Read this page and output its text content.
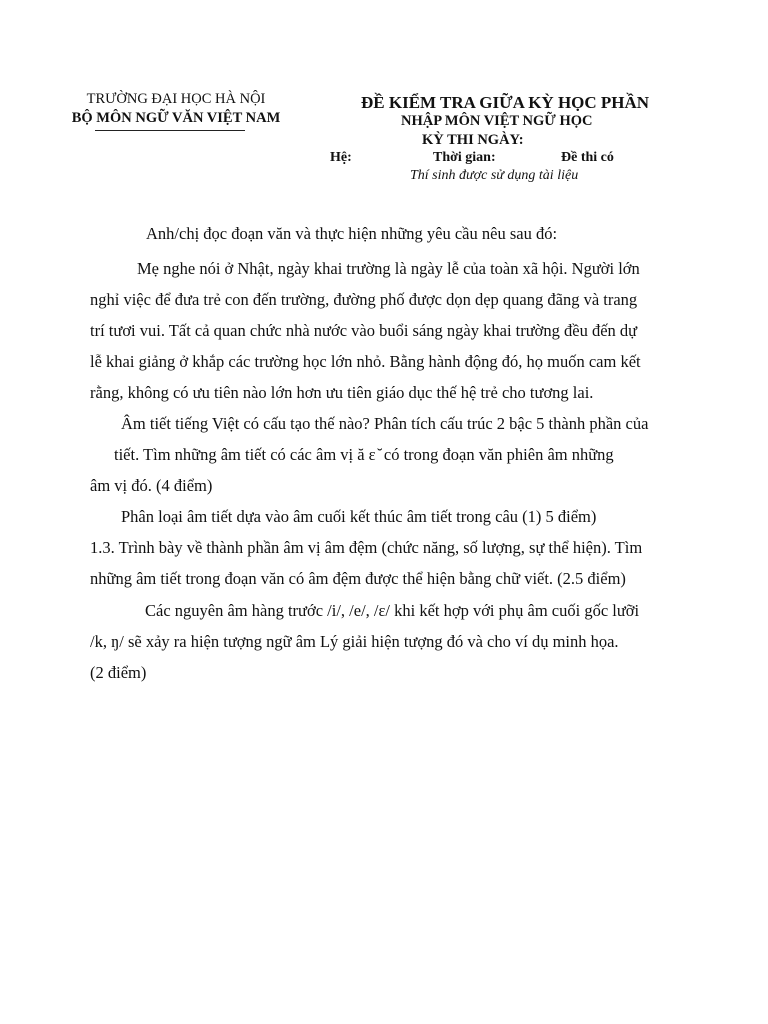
TRƯỜNG ĐẠI HỌC HÀ NỘI
BỘ MÔN NGỮ VĂN VIỆT NAM
ĐỀ KIỂM TRA GIỮA KỲ HỌC PHẦN
NHẬP MÔN VIỆT NGỮ HỌC
KỲ THI NGÀY:
Hệ:	Thời gian:	Đề thi có
Thí sinh được sử dụng tài liệu
Anh/chị đọc đoạn văn và thực hiện những yêu cầu nêu sau đó:
Mẹ nghe nói ở Nhật, ngày khai trường là ngày lễ của toàn xã hội. Người lớn
nghỉ việc để đưa trẻ con đến trường, đường phố được dọn dẹp quang đãng và trang
trí tươi vui. Tất cả quan chức nhà nước vào buổi sáng ngày khai trường đều đến dự
lễ khai giảng ở khắp các trường học lớn nhỏ. Bằng hành động đó, họ muốn cam kết
rằng, không có ưu tiên nào lớn hơn ưu tiên giáo dục thế hệ trẻ cho tương lai.
Âm tiết tiếng Việt có cấu tạo thế nào? Phân tích cấu trúc 2 bậc 5 thành phần của
tiết. Tìm những âm tiết có các âm vị ă ɛ ̆ có trong đoạn văn phiên âm những
âm vị đó. (4 điểm)
Phân loại âm tiết dựa vào âm cuối kết thúc âm tiết trong câu (1) 5 điểm)
1.3. Trình bày về thành phần âm vị âm đệm (chức năng, số lượng, sự thể hiện). Tìm
những âm tiết trong đoạn văn có âm đệm được thể hiện bằng chữ viết. (2.5 điểm)
Các nguyên âm hàng trước /i/, /e/, /ɛ/ khi kết hợp với phụ âm cuối gốc lưỡi
/k, ŋ/ sẽ xảy ra hiện tượng ngữ âm Lý giải hiện tượng đó và cho ví dụ minh họa.
(2 điểm)
